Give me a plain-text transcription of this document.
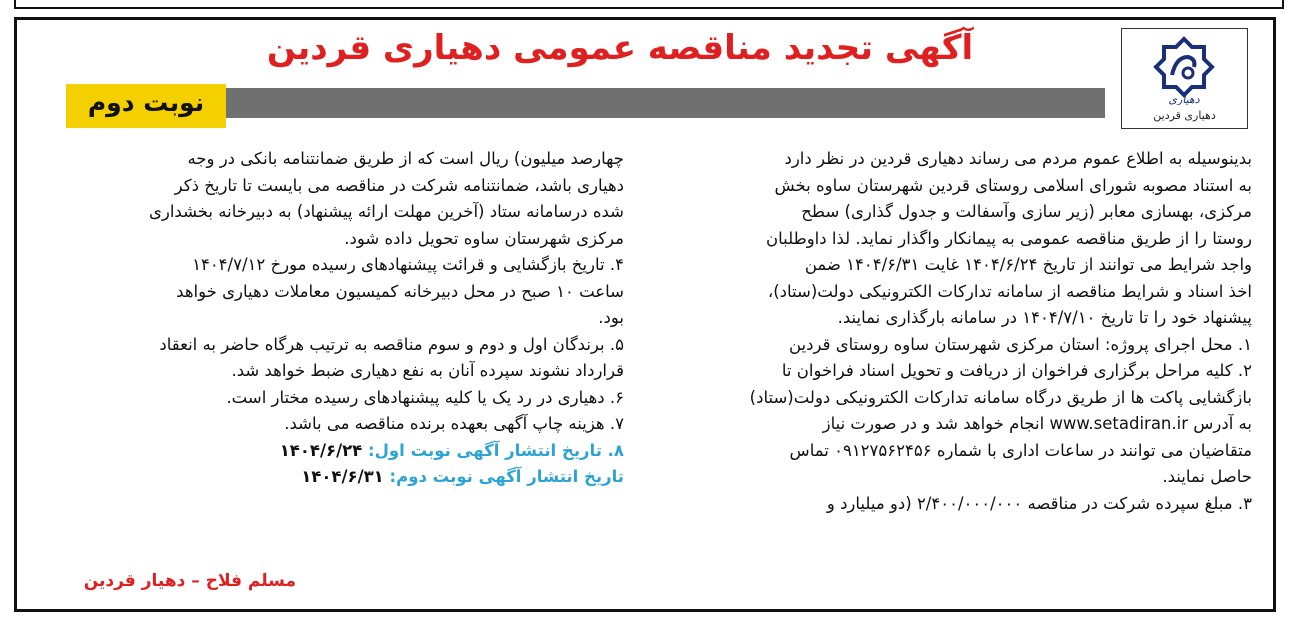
دهیاری
دهیاری قردین
آگهی تجدید مناقصه عمومی دهیاری قردین
نوبت دوم

بدینوسیله به اطلاع عموم مردم می رساند دهیاری قردین در نظر دارد

به استناد مصوبه شورای اسلامی روستای قردین شهرستان ساوه بخش

مرکزی، بهسازی معابر (زیر سازی وآسفالت و جدول گذاری) سطح

روستا را از طریق مناقصه عمومی به پیمانکار واگذار نماید. لذا داوطلبان

واجد شرایط می توانند از تاریخ ۱۴۰۴/۶/۲۴ غایت ۱۴۰۴/۶/۳۱ ضمن

اخذ اسناد و شرایط مناقصه از سامانه تدارکات الکترونیکی دولت(ستاد)،

پیشنهاد خود را تا تاریخ ۱۴۰۴/۷/۱۰ در سامانه بارگذاری نمایند.

۱. محل اجرای پروژه: استان مرکزی شهرستان ساوه روستای قردین

۲. کلیه مراحل برگزاری فراخوان از دریافت و تحویل اسناد فراخوان تا

بازگشایی پاکت ها از طریق درگاه سامانه تدارکات الکترونیکی دولت(ستاد)

به آدرس www.setadiran.ir انجام خواهد شد و در صورت نیاز

متقاضیان می توانند در ساعات اداری با شماره ۰۹۱۲۷۵۶۲۴۵۶ تماس

حاصل نمایند.

۳. مبلغ سپرده شرکت در مناقصه ۲/۴۰۰/۰۰۰/۰۰۰ (دو میلیارد و

چهارصد میلیون) ریال است که از طریق ضمانتنامه بانکی در وجه

دهیاری باشد، ضمانتنامه شرکت در مناقصه می بایست تا تاریخ ذکر

شده درسامانه ستاد (آخرین مهلت ارائه پیشنهاد) به دبیرخانه بخشداری

مرکزی شهرستان ساوه تحویل داده شود.

۴. تاریخ بازگشایی و قرائت پیشنهادهای رسیده مورخ ۱۴۰۴/۷/۱۲

ساعت ۱۰ صبح در محل دبیرخانه کمیسیون معاملات دهیاری خواهد

بود.

۵. برندگان اول و دوم و سوم مناقصه به ترتیب هرگاه حاضر به انعقاد

قرارداد نشوند سپرده آنان به نفع دهیاری ضبط خواهد شد.

۶. دهیاری در رد یک یا کلیه پیشنهادهای رسیده مختار است.

۷. هزینه چاپ آگهی بعهده برنده مناقصه می باشد.

۸. تاریخ انتشار آگهی نوبت اول: ۱۴۰۴/۶/۲۴

تاریخ انتشار آگهی نوبت دوم: ۱۴۰۴/۶/۳۱

مسلم فلاح – دهیار قردین
